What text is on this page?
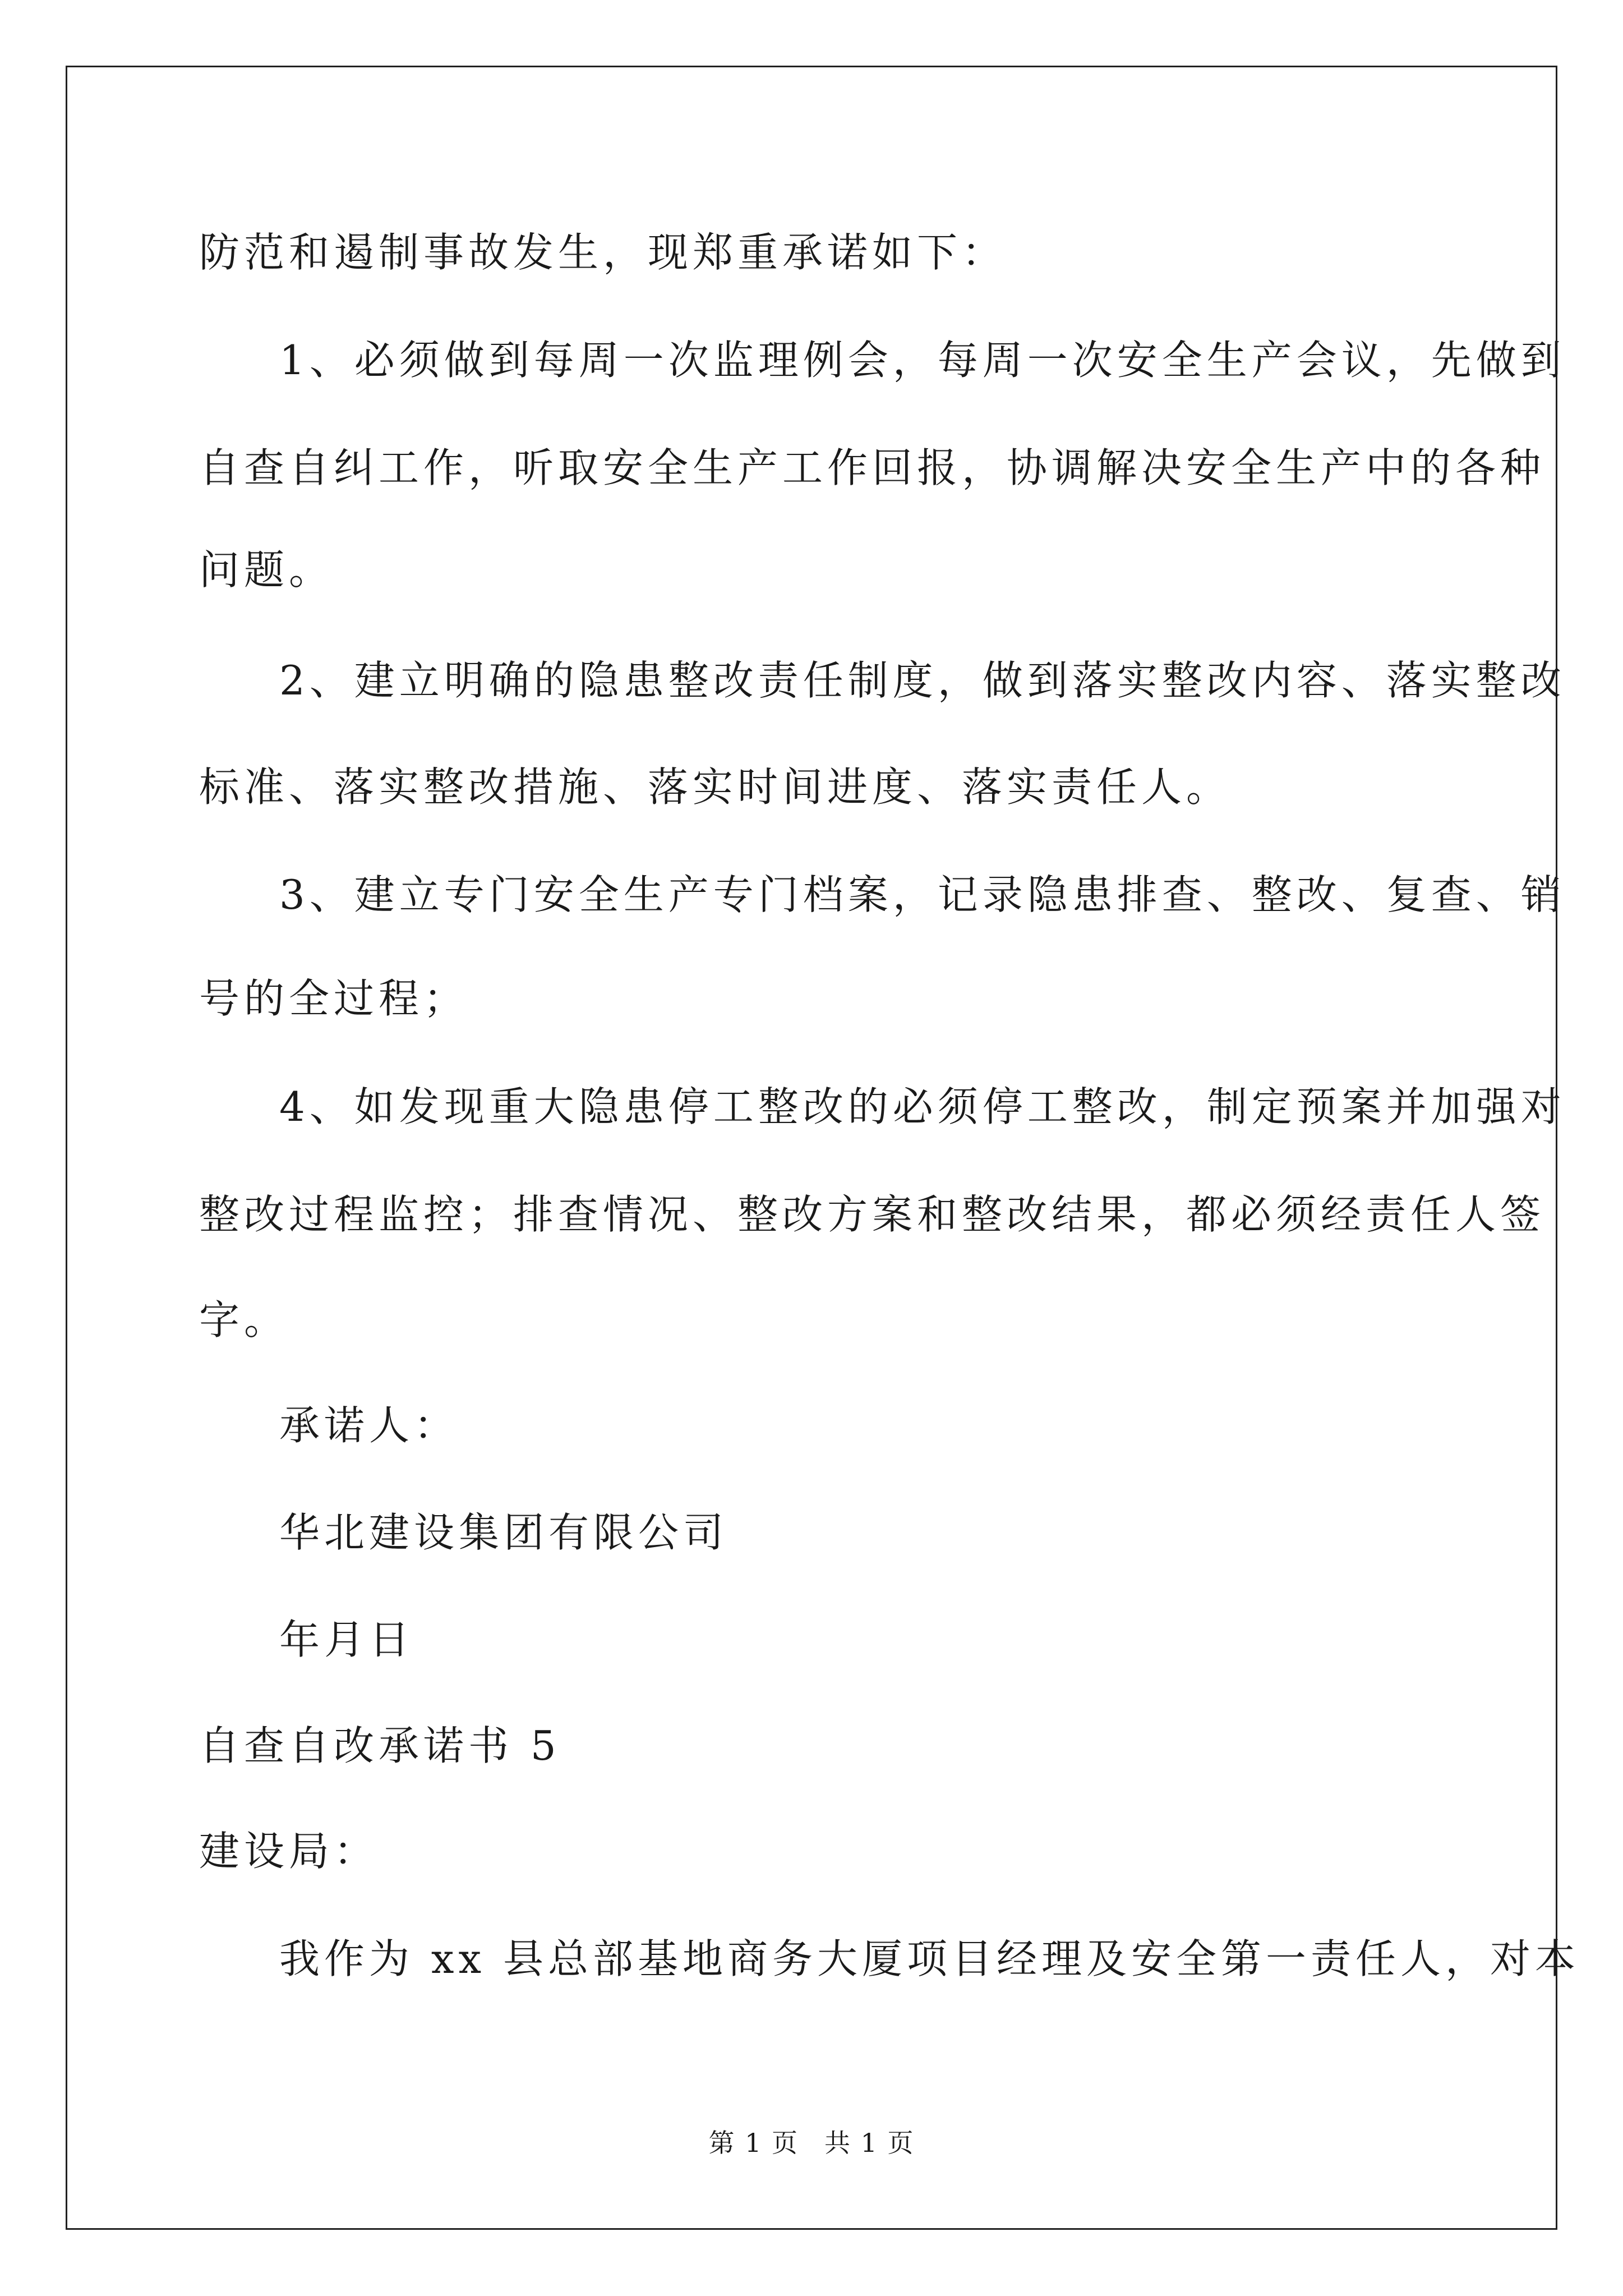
防范和遏制事故发生，现郑重承诺如下：
1、必须做到每周一次监理例会，每周一次安全生产会议，先做到
自查自纠工作，听取安全生产工作回报，协调解决安全生产中的各种
问题。
2、建立明确的隐患整改责任制度，做到落实整改内容、落实整改
标准、落实整改措施、落实时间进度、落实责任人。
3、建立专门安全生产专门档案，记录隐患排查、整改、复查、销
号的全过程；
4、如发现重大隐患停工整改的必须停工整改，制定预案并加强对
整改过程监控；排查情况、整改方案和整改结果，都必须经责任人签
字。
承诺人：
华北建设集团有限公司
年月日
自查自改承诺书 5
建设局：
我作为 xx 县总部基地商务大厦项目经理及安全第一责任人，对本
第 1 页 共 1 页
